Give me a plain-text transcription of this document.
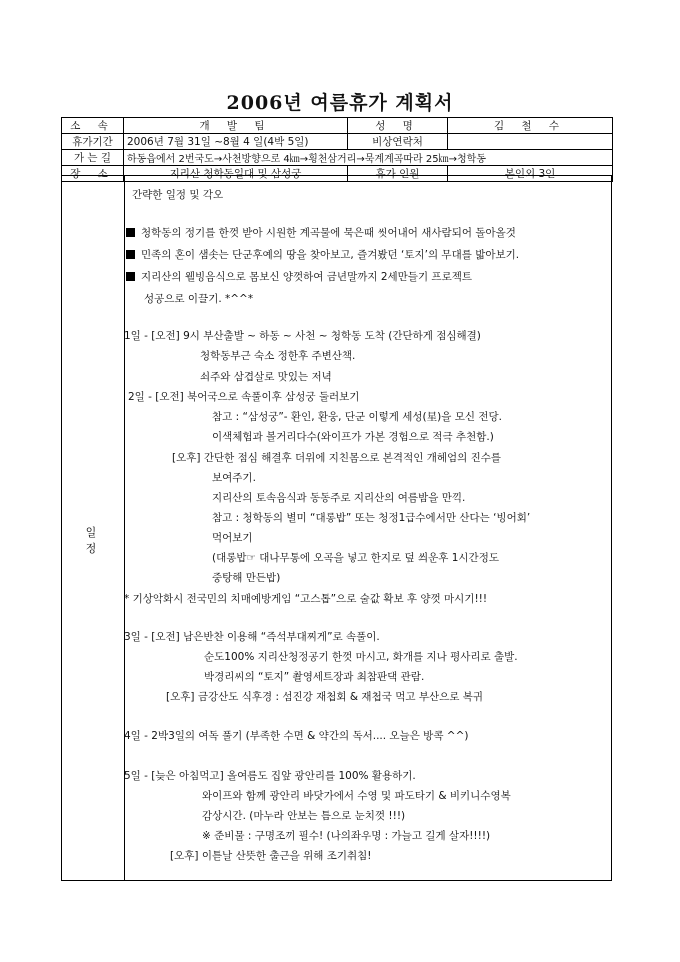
2006년 여름휴가 계획서
소 속	개 발 팀	성 명	김 철 수
휴가기간	2006년 7월 31일 ~8월 4 일(4박 5일)	비상연락처	
가 는 길	하동읍에서 2번국도→사천방향으로 4㎞→횡천삼거리→묵계계곡따라 25㎞→청학동		
장 소	지리산 청학동일대 및 삼성궁	휴가 인원	본인외 3인
일 정
간략한 일정 및 각오
청학동의 정기를 한껏 받아 시원한 계곡물에 묵은때 씻어내어 새사람되어 돌아올것
민족의 혼이 샘솟는 단군후예의 땅을 찾아보고, 즐겨봤던 ‘토지’의 무대를 밟아보기.
지리산의 웰빙음식으로 몸보신 양껏하여 금년말까지 2세만들기 프로젝트
성공으로 이끌기. *^^*
1일 - [오전] 9시 부산출발 ~ 하동 ~ 사천 ~ 청학동 도착 (간단하게 점심해결)
청학동부근 숙소 정한후 주변산책.
쇠주와 삼겹살로 맛있는 저녁
2일 - [오전] 북어국으로 속풀이후 삼성궁 둘러보기
참고 : “삼성궁”- 환인, 환웅, 단군 이렇게 세성(星)을 모신 전당.
이색체험과 볼거리다수(와이프가 가본 경험으로 적극 추천함.)
[오후] 간단한 점심 해결후 더위에 지친몸으로 본격적인 개헤엄의 진수를
보여주기.
지리산의 토속음식과 동동주로 지리산의 여름밤을 만끽.
참고 : 청학동의 별미 “대롱밥” 또는 청정1급수에서만 산다는 ‘빙어회’
먹어보기
(대롱밥☞ 대나무통에 오곡을 넣고 한지로 덮 씌운후 1시간정도
중탕해 만든밥)
* 기상악화시 전국민의 치매예방게임 “고스톱”으로 술값 확보 후 양껏 마시기!!!
3일 - [오전] 남은반찬 이용해 “즉석부대찌게”로 속풀이.
순도100% 지리산청정공기 한껏 마시고, 화개를 지나 평사리로 출발.
박경리씨의 “토지” 촬영세트장과 최참판댁 관람.
[오후] 금강산도 식후경 : 섬진강 재첩회 & 재첩국 먹고 부산으로 복귀
4일 - 2박3일의 여독 풀기 (부족한 수면 & 약간의 독서.... 오늘은 방콕 ^^)
5일 - [늦은 아침먹고] 올여름도 집앞 광안리를 100% 활용하기.
와이프와 함께 광안리 바닷가에서 수영 및 파도타기 & 비키니수영복
감상시간. (마누라 안보는 틈으로 눈치껏 !!!)
※ 준비물 : 구명조끼 필수! (나의좌우명 : 가늘고 길게 살자!!!!)
[오후] 이튿날 산뜻한 출근을 위해 조기취침!
